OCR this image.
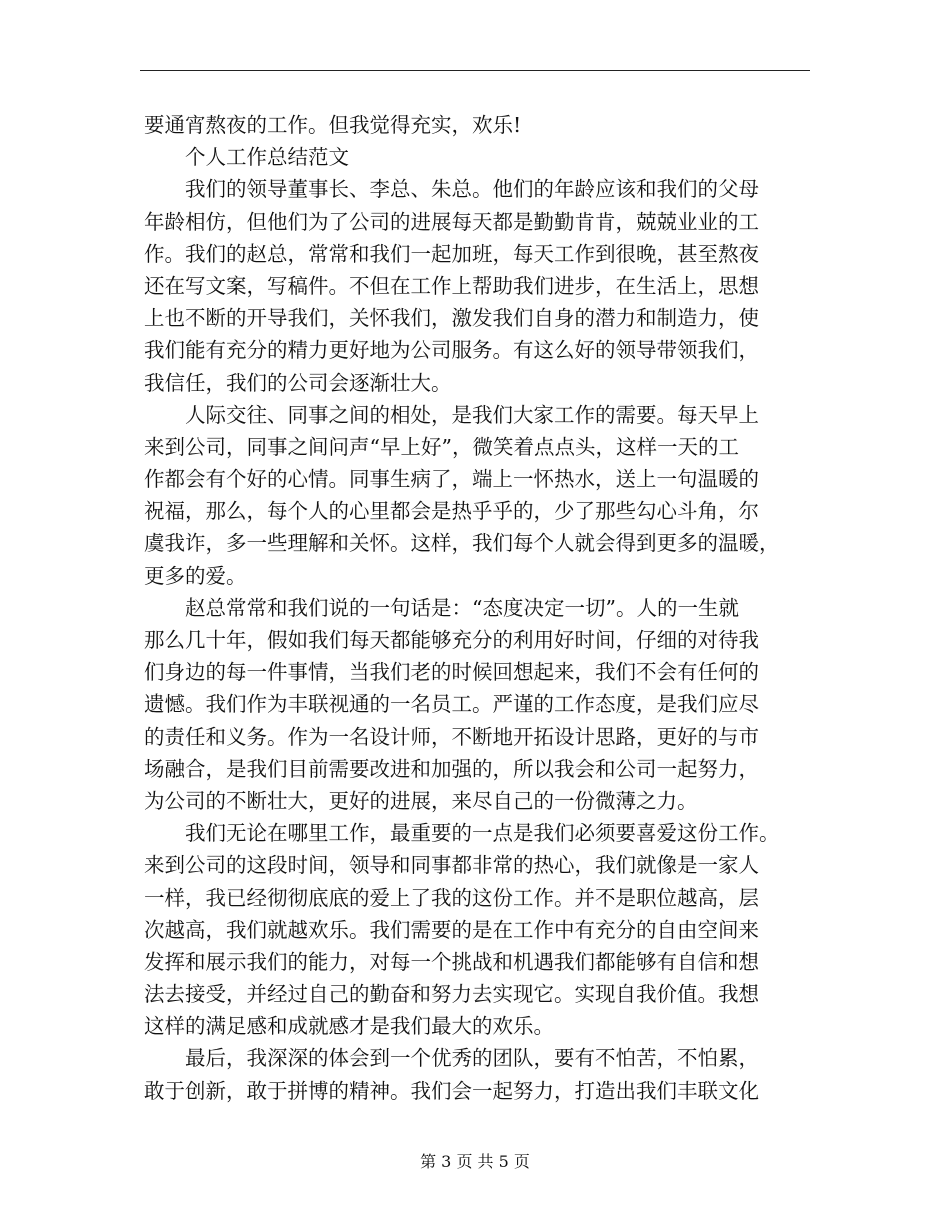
要通宵熬夜的工作。但我觉得充实，欢乐!
个人工作总结范文
我们的领导董事长、李总、朱总。他们的年龄应该和我们的父母
年龄相仿，但他们为了公司的进展每天都是勤勤肯肯，兢兢业业的工
作。我们的赵总，常常和我们一起加班，每天工作到很晚，甚至熬夜
还在写文案，写稿件。不但在工作上帮助我们进步，在生活上，思想
上也不断的开导我们，关怀我们，激发我们自身的潜力和制造力，使
我们能有充分的精力更好地为公司服务。有这么好的领导带领我们，
我信任，我们的公司会逐渐壮大。
人际交往、同事之间的相处，是我们大家工作的需要。每天早上
来到公司，同事之间问声“早上好”，微笑着点点头，这样一天的工
作都会有个好的心情。同事生病了，端上一怀热水，送上一句温暖的
祝福，那么，每个人的心里都会是热乎乎的，少了那些勾心斗角，尔
虞我诈，多一些理解和关怀。这样，我们每个人就会得到更多的温暖，
更多的爱。
赵总常常和我们说的一句话是：“态度决定一切”。人的一生就
那么几十年，假如我们每天都能够充分的利用好时间，仔细的对待我
们身边的每一件事情，当我们老的时候回想起来，我们不会有任何的
遗憾。我们作为丰联视通的一名员工。严谨的工作态度，是我们应尽
的责任和义务。作为一名设计师，不断地开拓设计思路，更好的与市
场融合，是我们目前需要改进和加强的，所以我会和公司一起努力，
为公司的不断壮大，更好的进展，来尽自己的一份微薄之力。
我们无论在哪里工作，最重要的一点是我们必须要喜爱这份工作。
来到公司的这段时间，领导和同事都非常的热心，我们就像是一家人
一样，我已经彻彻底底的爱上了我的这份工作。并不是职位越高，层
次越高，我们就越欢乐。我们需要的是在工作中有充分的自由空间来
发挥和展示我们的能力，对每一个挑战和机遇我们都能够有自信和想
法去接受，并经过自己的勤奋和努力去实现它。实现自我价值。我想
这样的满足感和成就感才是我们最大的欢乐。
最后，我深深的体会到一个优秀的团队，要有不怕苦，不怕累，
敢于创新，敢于拼博的精神。我们会一起努力，打造出我们丰联文化
第 3 页 共 5 页
